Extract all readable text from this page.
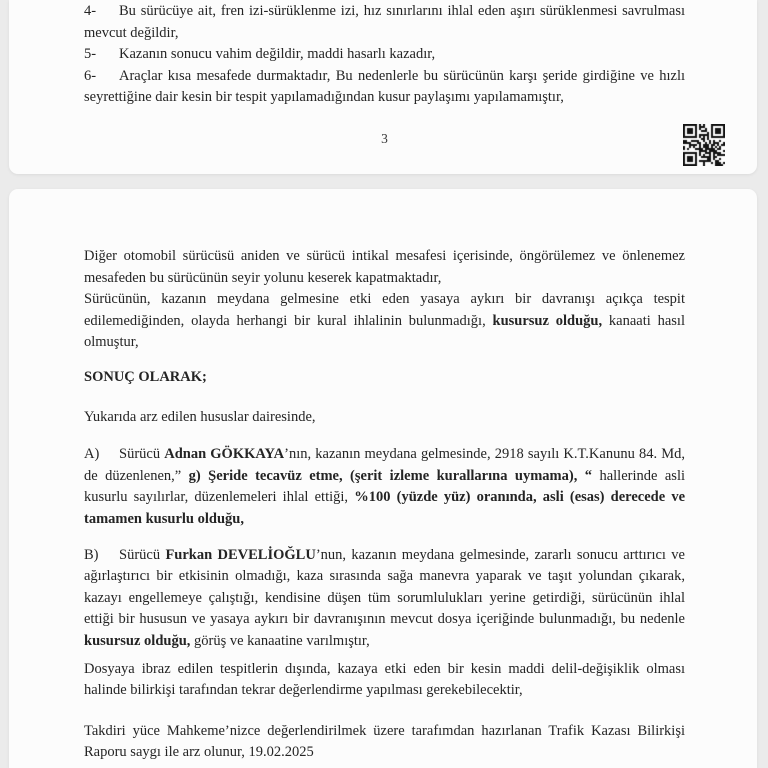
4- Bu sürücüye ait, fren izi-sürüklenme izi, hız sınırlarını ihlal eden aşırı sürüklenmesi savrulması mevcut değildir,
5- Kazanın sonucu vahim değildir, maddi hasarlı kazadır,
6- Araçlar kısa mesafede durmaktadır, Bu nedenlerle bu sürücünün karşı şeride girdiğine ve hızlı seyrettiğine dair kesin bir tespit yapılamadığından kusur paylaşımı yapılamamıştır,
3
Diğer otomobil sürücüsü aniden ve sürücü intikal mesafesi içerisinde, öngörülemez ve önlenemez mesafeden bu sürücünün seyir yolunu keserek kapatmaktadır,
Sürücünün, kazanın meydana gelmesine etki eden yasaya aykırı bir davranışı açıkça tespit edilemediğinden, olayda herhangi bir kural ihlalinin bulunmadığı, kusursuz olduğu, kanaati hasıl olmuştur,
SONUÇ OLARAK;
Yukarıda arz edilen hususlar dairesinde,
A) Sürücü Adnan GÖKKAYA’nın, kazanın meydana gelmesinde, 2918 sayılı K.T.Kanunu 84. Md, de düzenlenen,” g) Şeride tecavüz etme, (şerit izleme kurallarına uymama), “ hallerinde asli kusurlu sayılırlar, düzenlemeleri ihlal ettiği, %100 (yüzde yüz) oranında, asli (esas) derecede ve tamamen kusurlu olduğu,
B) Sürücü Furkan DEVELİOĞLU’nun, kazanın meydana gelmesinde, zararlı sonucu arttırıcı ve ağırlaştırıcı bir etkisinin olmadığı, kaza sırasında sağa manevra yaparak ve taşıt yolundan çıkarak, kazayı engellemeye çalıştığı, kendisine düşen tüm sorumlulukları yerine getirdiği, sürücünün ihlal ettiği bir hususun ve yasaya aykırı bir davranışının mevcut dosya içeriğinde bulunmadığı, bu nedenle kusursuz olduğu, görüş ve kanaatine varılmıştır,
Dosyaya ibraz edilen tespitlerin dışında, kazaya etki eden bir kesin maddi delil-değişiklik olması halinde bilirkişi tarafından tekrar değerlendirme yapılması gerekebilecektir,
Takdiri yüce Mahkeme’nizce değerlendirilmek üzere tarafımdan hazırlanan Trafik Kazası Bilirkişi Raporu saygı ile arz olunur, 19.02.2025
